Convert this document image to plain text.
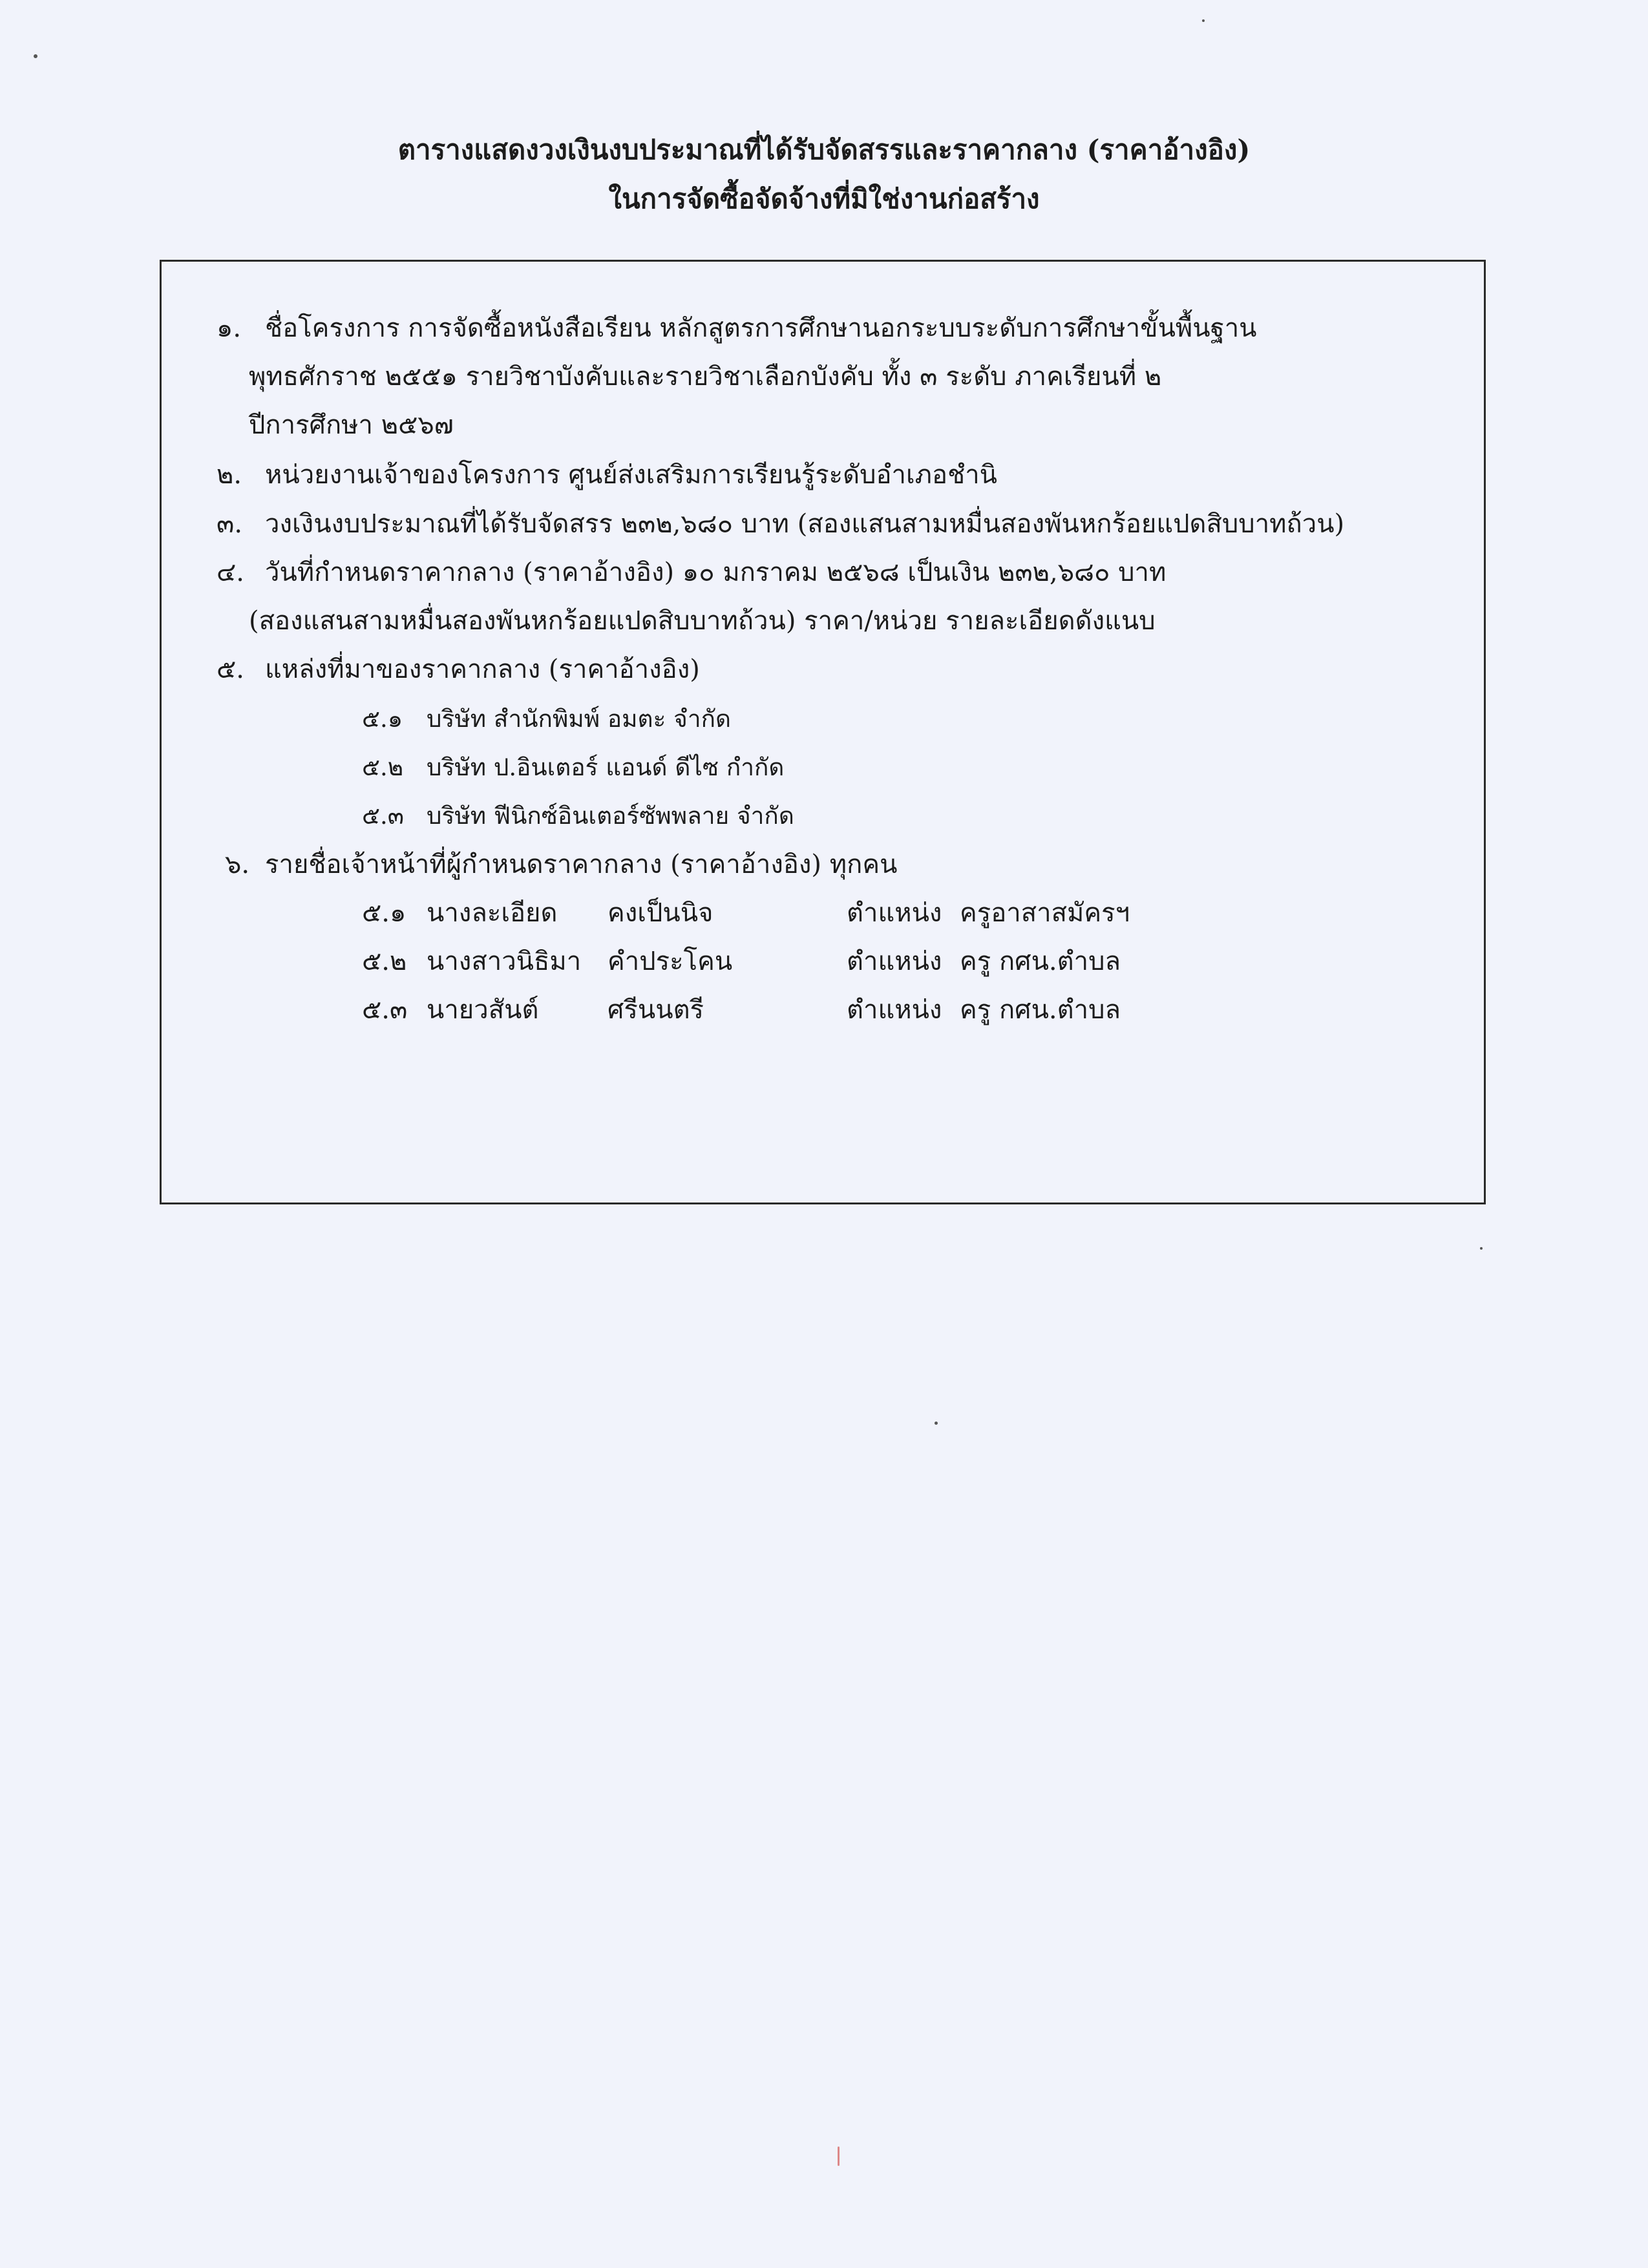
ตารางแสดงวงเงินงบประมาณที่ได้รับจัดสรรและราคากลาง (ราคาอ้างอิง)
ในการจัดซื้อจัดจ้างที่มิใช่งานก่อสร้าง
๑. ชื่อโครงการ การจัดซื้อหนังสือเรียน หลักสูตรการศึกษานอกระบบระดับการศึกษาขั้นพื้นฐาน
พุทธศักราช ๒๕๕๑ รายวิชาบังคับและรายวิชาเลือกบังคับ ทั้ง ๓ ระดับ ภาคเรียนที่ ๒
ปีการศึกษา ๒๕๖๗
๒. หน่วยงานเจ้าของโครงการ ศูนย์ส่งเสริมการเรียนรู้ระดับอำเภอชำนิ
๓. วงเงินงบประมาณที่ได้รับจัดสรร ๒๓๒,๖๘๐ บาท (สองแสนสามหมื่นสองพันหกร้อยแปดสิบบาทถ้วน)
๔. วันที่กำหนดราคากลาง (ราคาอ้างอิง) ๑๐ มกราคม ๒๕๖๘ เป็นเงิน ๒๓๒,๖๘๐ บาท
(สองแสนสามหมื่นสองพันหกร้อยแปดสิบบาทถ้วน) ราคา/หน่วย รายละเอียดดังแนบ
๕. แหล่งที่มาของราคากลาง (ราคาอ้างอิง)
๕.๑ บริษัท สำนักพิมพ์ อมตะ จำกัด
๕.๒ บริษัท ป.อินเตอร์ แอนด์ ดีไซ กำกัด
๕.๓ บริษัท ฟีนิกซ์อินเตอร์ซัพพลาย จำกัด
๖. รายชื่อเจ้าหน้าที่ผู้กำหนดราคากลาง (ราคาอ้างอิง) ทุกคน
๕.๑ นางละเอียด คงเป็นนิจ	ตำแหน่ง ครูอาสาสมัครฯ
๕.๒ นางสาวนิธิมา คำประโคน	ตำแหน่ง ครู กศน.ตำบล
๕.๓ นายวสันต์	ศรีนนตรี	ตำแหน่ง ครู กศน.ตำบล
